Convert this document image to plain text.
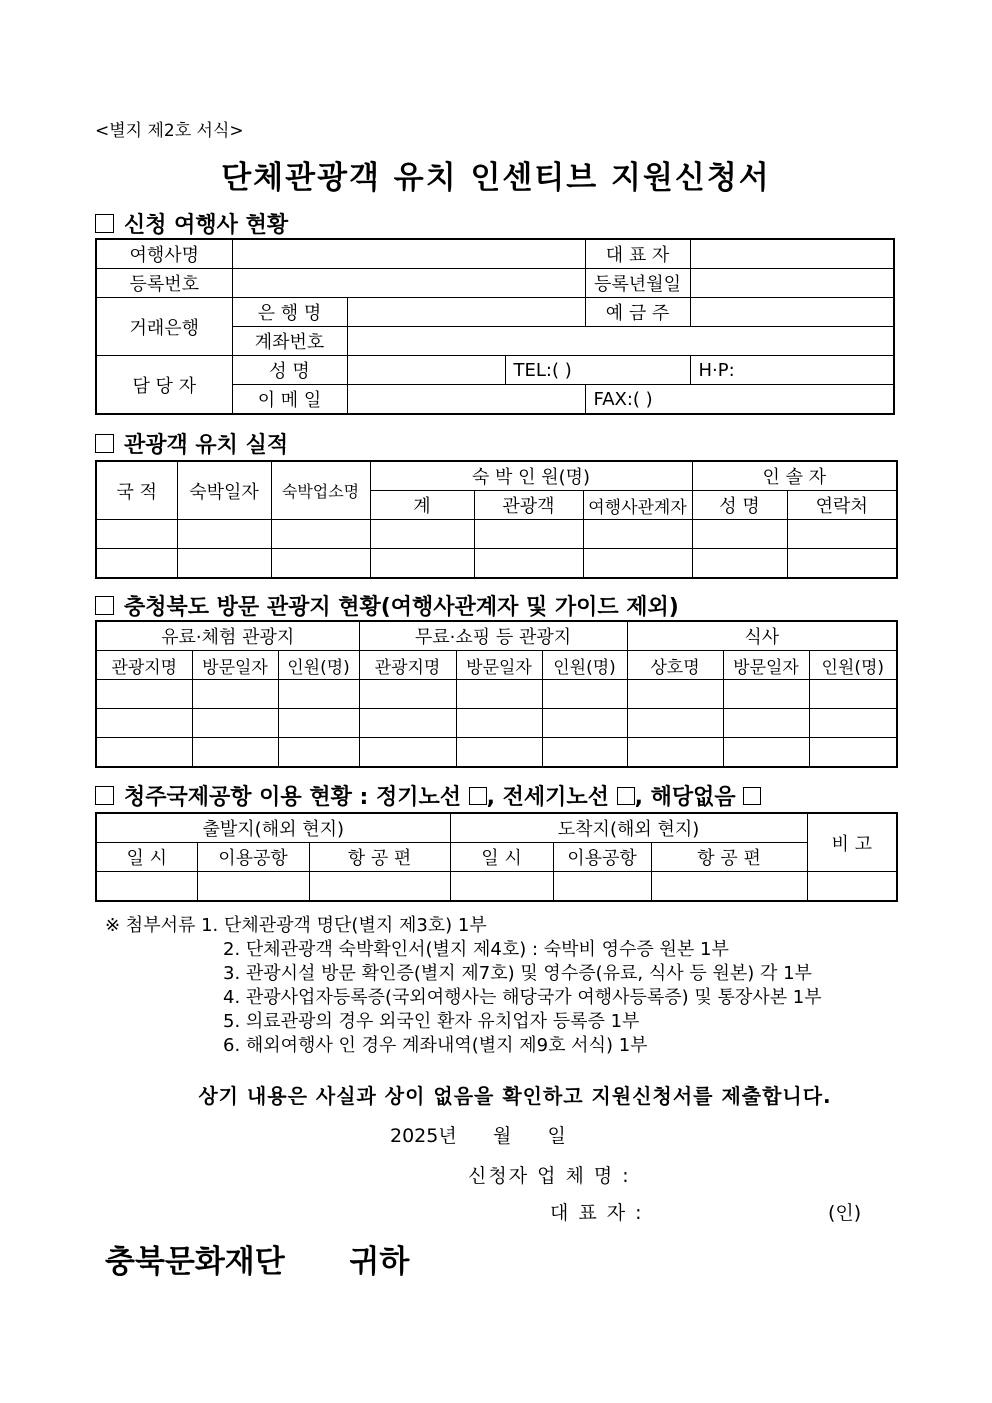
<별지 제2호 서식>
단체관광객 유치 인센티브 지원신청서
신청 여행사 현황
여행사명				대 표 자	
등록번호				등록년월일	
거래은행	은 행 명			예 금 주	
	계좌번호				
담 당 자	성 명		TEL:( )		H·P:
	이 메 일			FAX:( )	
관광객 유치 실적
국 적	숙박일자	숙박업소명	숙 박 인 원(명)			인 솔 자	
			계	관광객	여행사관계자	성 명	연락처

충청북도 방문 관광지 현황(여행사관계자 및 가이드 제외)
유료·체험 관광지			무료·쇼핑 등 관광지			식사		
관광지명	방문일자	인원(명)	관광지명	방문일자	인원(명)	상호명	방문일자	인원(명)

청주국제공항 이용 현황 : 정기노선 , 전세기노선 , 해당없음
출발지(해외 현지)			도착지(해외 현지)			비 고
일 시	이용공항	항 공 편	일 시	이용공항	항 공 편	

※ 첨부서류 1. 단체관광객 명단(별지 제3호) 1부
2. 단체관광객 숙박확인서(별지 제4호) : 숙박비 영수증 원본 1부
3. 관광시설 방문 확인증(별지 제7호) 및 영수증(유료, 식사 등 원본) 각 1부
4. 관광사업자등록증(국외여행사는 해당국가 여행사등록증) 및 통장사본 1부
5. 의료관광의 경우 외국인 환자 유치업자 등록증 1부
6. 해외여행사 인 경우 계좌내역(별지 제9호 서식) 1부
상기 내용은 사실과 상이 없음을 확인하고 지원신청서를 제출합니다.
2025년      월      일
신청자 업 체 명 :
대 표 자 :	(인)
충북문화재단      귀하
